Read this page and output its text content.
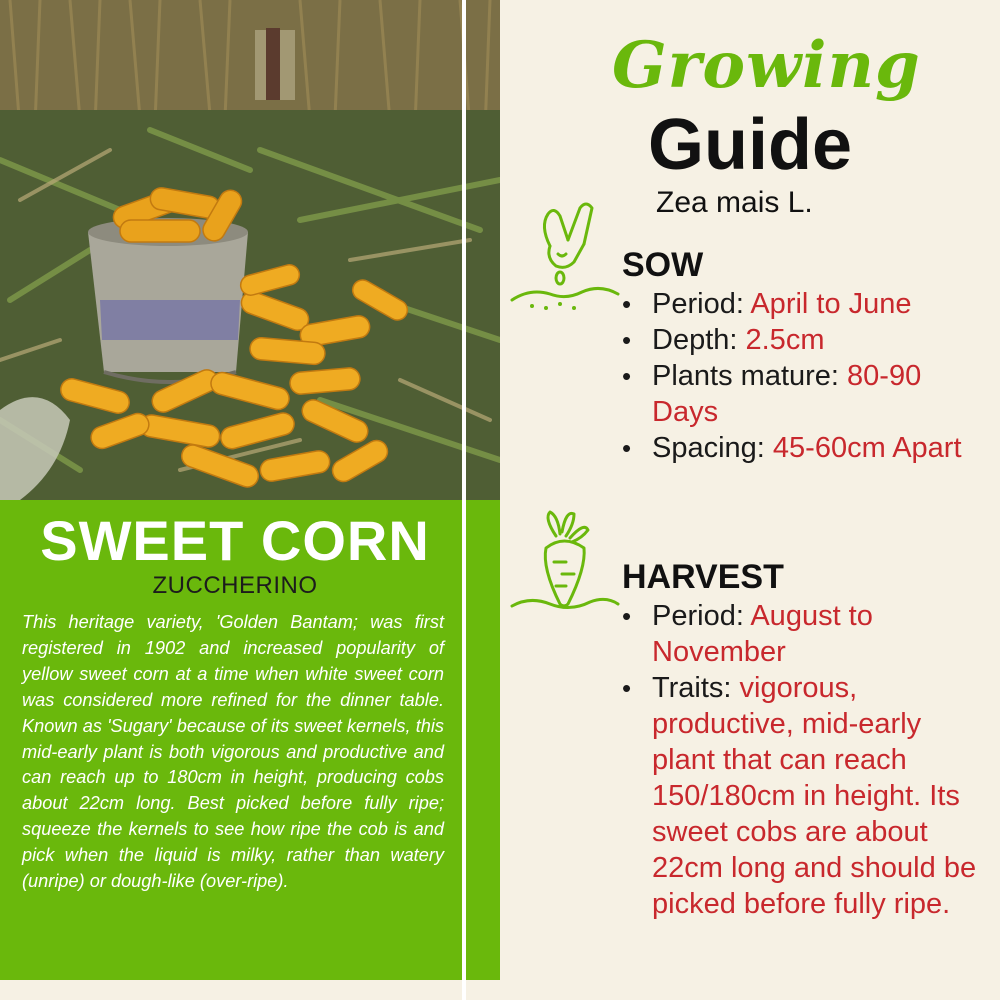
SWEET CORN
ZUCCHERINO

This heritage variety, 'Golden Bantam; was first registered in 1902 and increased popularity of yellow sweet corn at a time when white sweet corn was considered more refined for the dinner table. Known as 'Sugary' because of its sweet kernels, this mid-early plant is both vigorous and productive and can reach up to 180cm in height, producing cobs about 22cm long. Best picked before fully ripe; squeeze the kernels to see how ripe the cob is and pick when the liquid is milky, rather than watery (unripe) or dough-like (over-ripe).

Growing
Guide
Zea mais L.
SOW
• Period: April to June
• Depth: 2.5cm
• Plants mature: 80-90 Days
• Spacing: 45-60cm Apart
HARVEST
• Period: August to November
• Traits: vigorous, productive, mid-early plant that can reach 150/180cm in height. Its sweet cobs are about 22cm long and should be picked before fully ripe.
